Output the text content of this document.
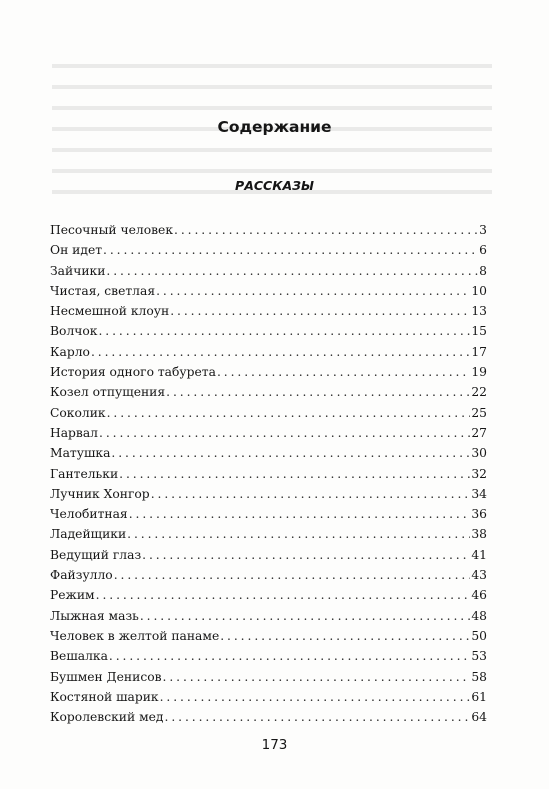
Содержание
РАССКАЗЫ
Песочный человек . . .	3
Он идет . . .	6
Зайчики . . .	8
Чистая, светлая . . .	10
Несмешной клоун . . .	13
Волчок . . .	15
Карло . . .	17
История одного табурета . . .	19
Козел отпущения . . .	22
Соколик . . .	25
Нарвал . . .	27
Матушка . . .	30
Гантельки . . .	32
Лучник Хонгор . . .	34
Челобитная . . .	36
Ладейщики . . .	38
Ведущий глаз . . .	41
Файзулло . . .	43
Режим . . .	46
Лыжная мазь . . .	48
Человек в желтой панаме . . .	50
Вешалка . . .	53
Бушмен Денисов . . .	58
Костяной шарик . . .	61
Королевский мед . . .	64
173
